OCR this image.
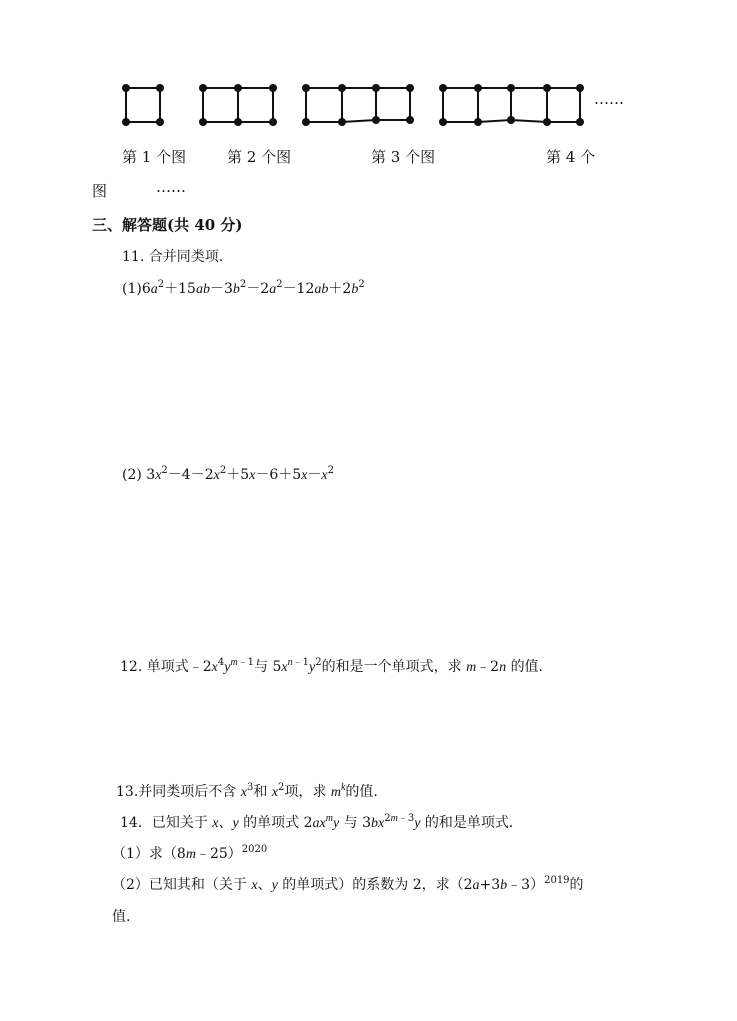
……
第 1 个图	第 2 个图	第 3 个图	第 4 个
图	……
三、解答题(共 40 分)
11. 合并同类项.
$(1)6a^2+15ab-3b^2-2a^2-12ab+2b^2$
(2) $3x^2-4-2x^2+5x-6+5x-x^2$
12. 单项式$﹣2x^4y^{m﹣1}$与 $5x^{n﹣1}y^2$的和是一个单项式，求 m﹣2n 的值.
13.并同类项后不含 $x^3$和 $x^2$项，求 $m^k$的值.
14．已知关于 x、y 的单项式 $2ax^my$ 与 $3bx^{2m﹣3}y$ 的和是单项式.
（1）求（8m﹣25）$^{2020}$
（2）已知其和（关于 x、y 的单项式）的系数为 2，求（2a+3b﹣3）$^{2019}$的
值.
